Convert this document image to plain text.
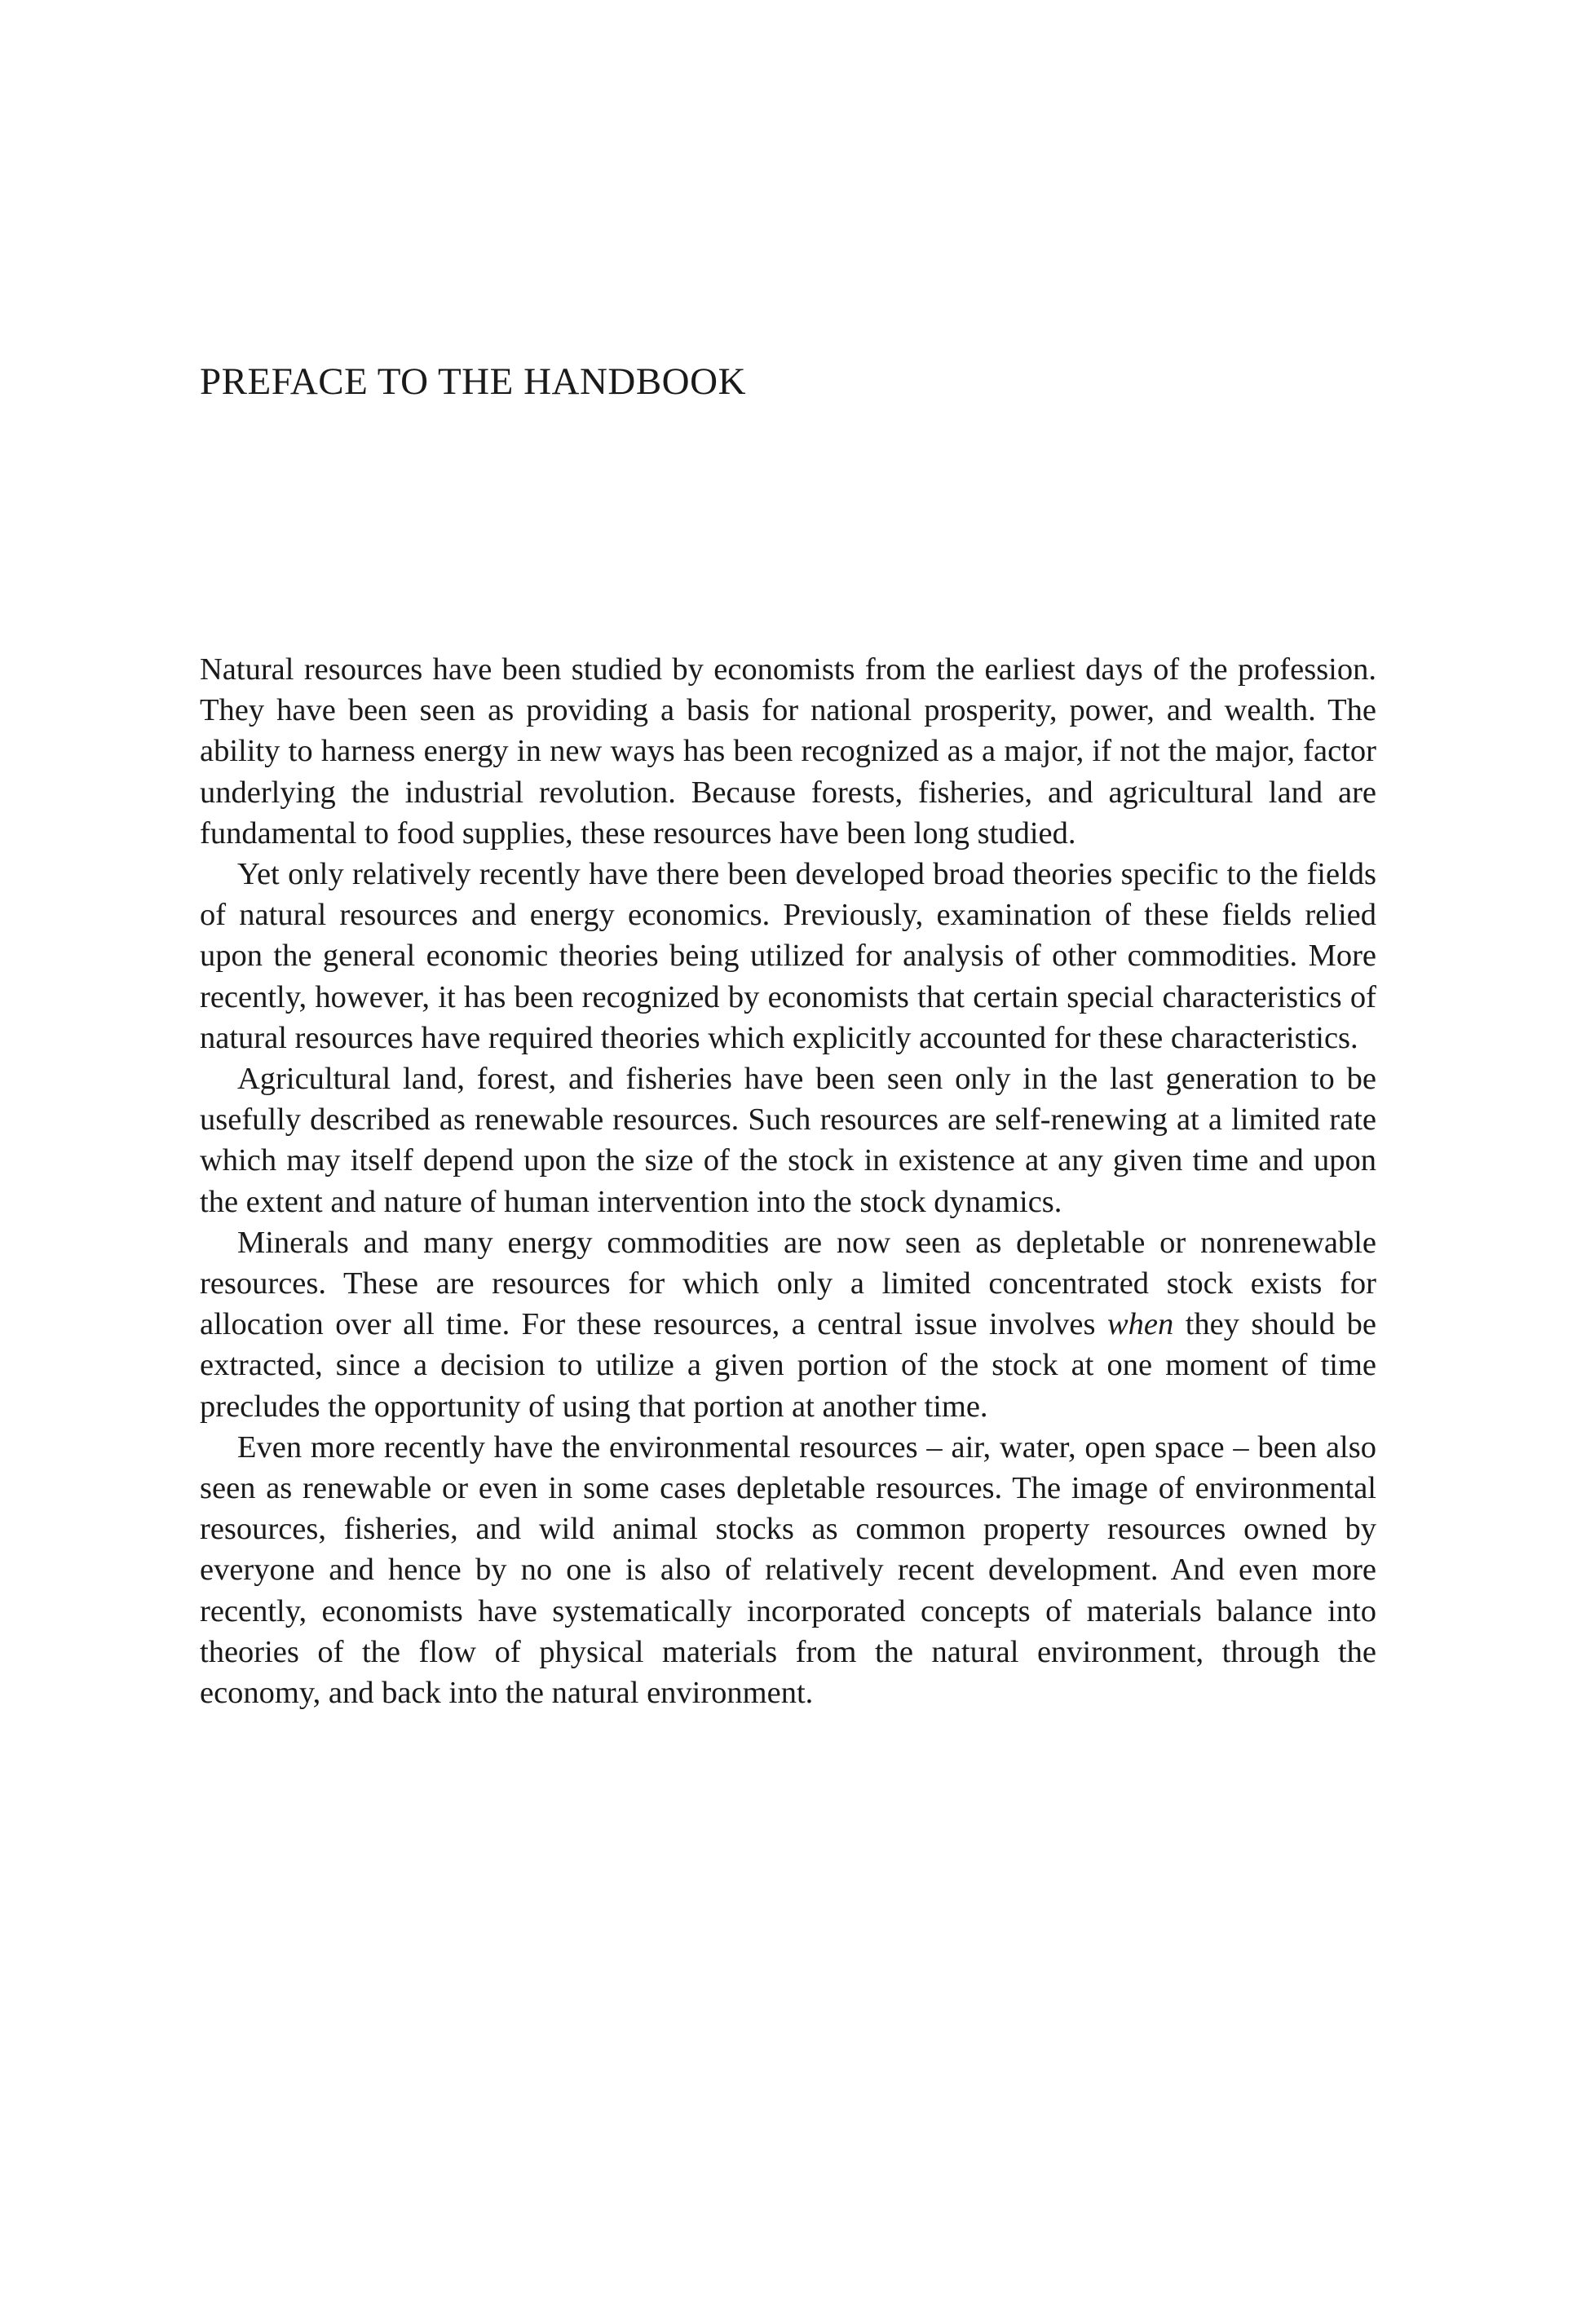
PREFACE TO THE HANDBOOK

Natural resources have been studied by economists from the earliest days of the profession. They have been seen as providing a basis for national prosperity, power, and wealth. The ability to harness energy in new ways has been recognized as a major, if not the major, factor underlying the industrial revolution. Because forests, fisheries, and agricultural land are fundamental to food supplies, these resources have been long studied.

Yet only relatively recently have there been developed broad theories specific to the fields of natural resources and energy economics. Previously, examination of these fields relied upon the general economic theories being utilized for analysis of other commodities. More recently, however, it has been recognized by economists that certain special characteristics of natural resources have required theories which explicitly accounted for these characteristics.

Agricultural land, forest, and fisheries have been seen only in the last generation to be usefully described as renewable resources. Such resources are self-renewing at a limited rate which may itself depend upon the size of the stock in existence at any given time and upon the extent and nature of human intervention into the stock dynamics.

Minerals and many energy commodities are now seen as depletable or nonrenewable resources. These are resources for which only a limited concentrated stock exists for allocation over all time. For these resources, a central issue involves when they should be extracted, since a decision to utilize a given portion of the stock at one moment of time precludes the opportunity of using that portion at another time.

Even more recently have the environmental resources – air, water, open space – been also seen as renewable or even in some cases depletable resources. The image of environmental resources, fisheries, and wild animal stocks as common property resources owned by everyone and hence by no one is also of relatively recent development. And even more recently, economists have systematically incorporated concepts of materials balance into theories of the flow of physical materials from the natural environment, through the economy, and back into the natural environment.
